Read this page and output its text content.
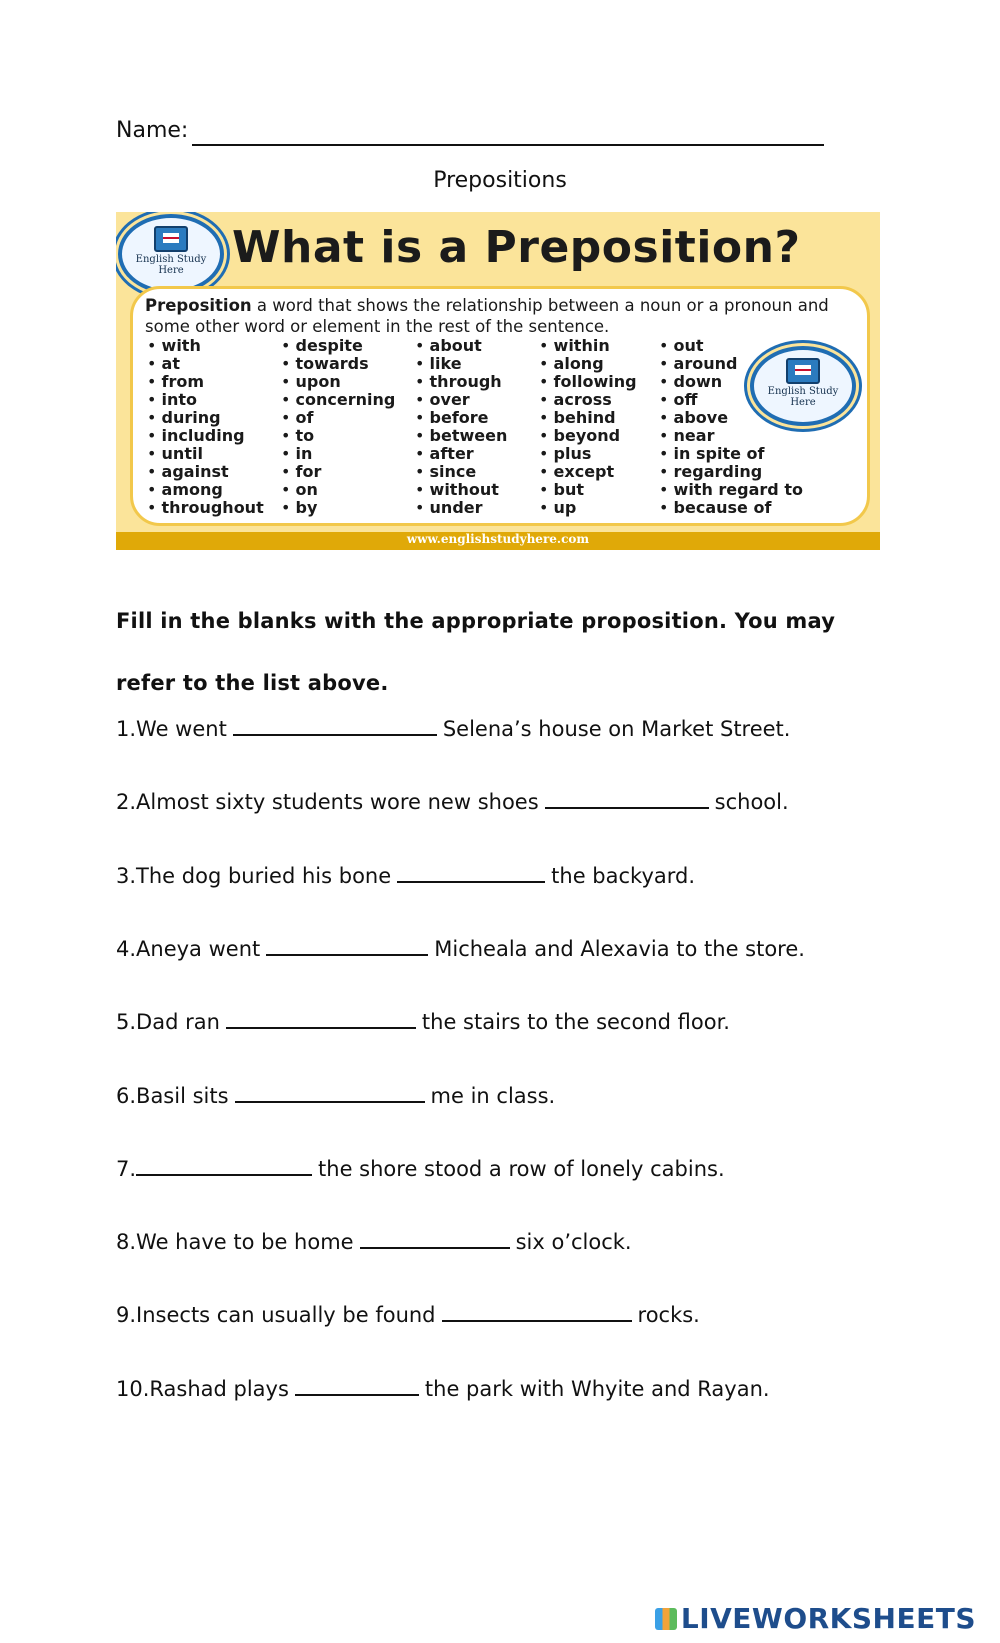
Name:
Prepositions
English Study Here	What is a Preposition?
Preposition a word that shows the relationship between a noun or a pronoun and some other word or element in the rest of the sentence.
• with
• at
• from
• into
• during
• including
• until
• against
• among
• throughout
• despite
• towards
• upon
• concerning
• of
• to
• in
• for
• on
• by
• about
• like
• through
• over
• before
• between
• after
• since
• without
• under
• within
• along
• following
• across
• behind
• beyond
• plus
• except
• but
• up
• out
• around
• down
• off
• above
• near
• in spite of
• regarding
• with regard to
• because of
English Study Here
www.englishstudyhere.com
Fill in the blanks with the appropriate proposition. You may refer to the list above.
1.We went	Selena’s house on Market Street.
2.Almost sixty students wore new shoes	school.
3.The dog buried his bone	the backyard.
4.Aneya went	Micheala and Alexavia to the store.
5.Dad ran	the stairs to the second floor.
6.Basil sits	me in class.
7.	the shore stood a row of lonely cabins.
8.We have to be home	six o’clock.
9.Insects can usually be found	rocks.
10.Rashad plays	the park with Whyite and Rayan.
LIVEWORKSHEETS
